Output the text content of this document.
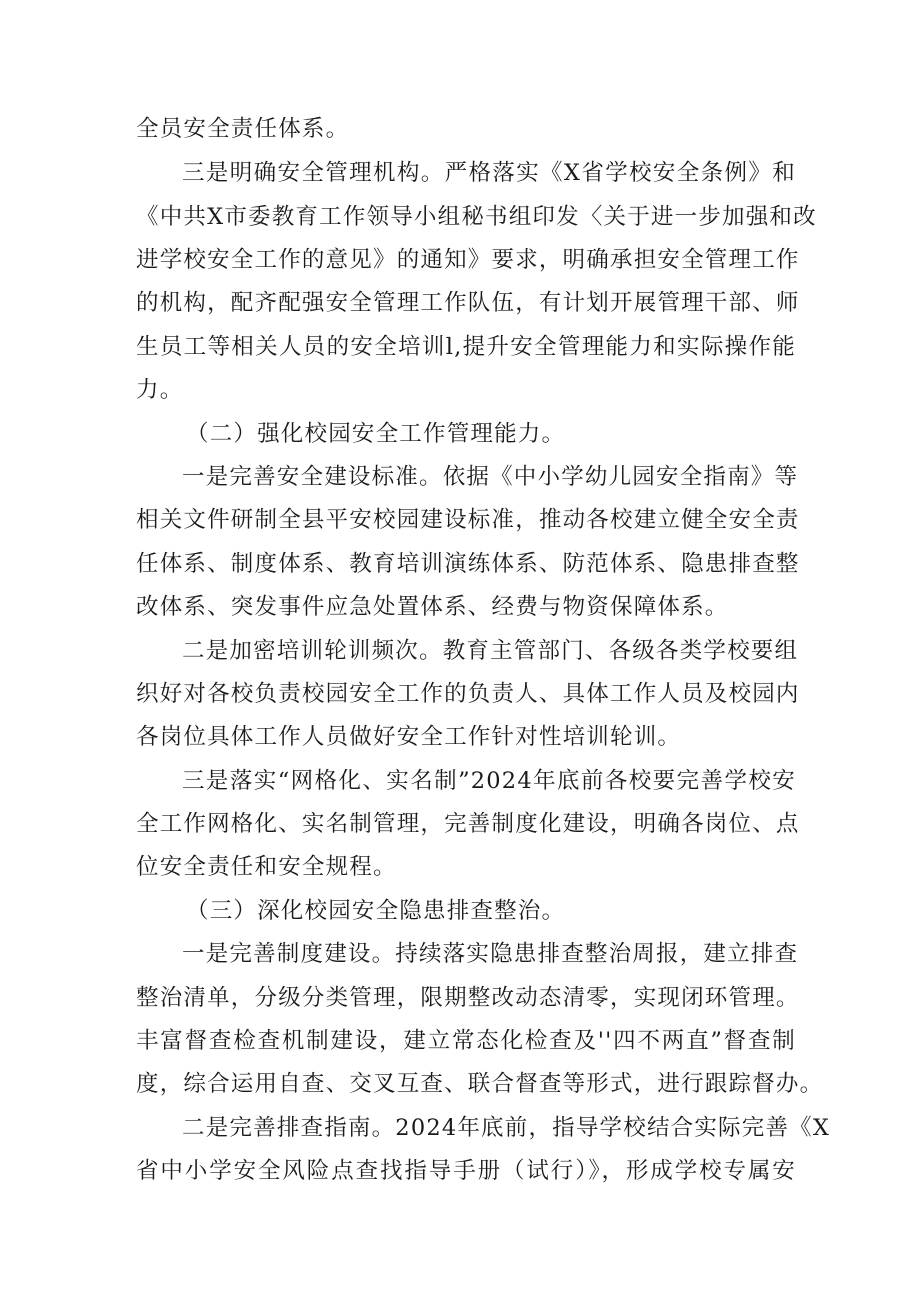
全员安全责任体系。
三是明确安全管理机构。严格落实《X省学校安全条例》和
《中共X市委教育工作领导小组秘书组印发〈关于进一步加强和改
进学校安全工作的意见》的通知》要求，明确承担安全管理工作
的机构，配齐配强安全管理工作队伍，有计划开展管理干部、师
生员工等相关人员的安全培训l,提升安全管理能力和实际操作能
力。
（二）强化校园安全工作管理能力。
一是完善安全建设标准。依据《中小学幼儿园安全指南》等
相关文件研制全县平安校园建设标准，推动各校建立健全安全责
任体系、制度体系、教育培训演练体系、防范体系、隐患排查整
改体系、突发事件应急处置体系、经费与物资保障体系。
二是加密培训轮训频次。教育主管部门、各级各类学校要组
织好对各校负责校园安全工作的负责人、具体工作人员及校园内
各岗位具体工作人员做好安全工作针对性培训轮训。
三是落实“网格化、实名制”2024年底前各校要完善学校安
全工作网格化、实名制管理，完善制度化建设，明确各岗位、点
位安全责任和安全规程。
（三）深化校园安全隐患排查整治。
一是完善制度建设。持续落实隐患排查整治周报，建立排查
整治清单，分级分类管理，限期整改动态清零，实现闭环管理。
丰富督查检查机制建设，建立常态化检查及''四不两直”督查制
度，综合运用自查、交叉互查、联合督查等形式，进行跟踪督办。
二是完善排查指南。2024年底前，指导学校结合实际完善《X
省中小学安全风险点查找指导手册（试行）》，形成学校专属安
